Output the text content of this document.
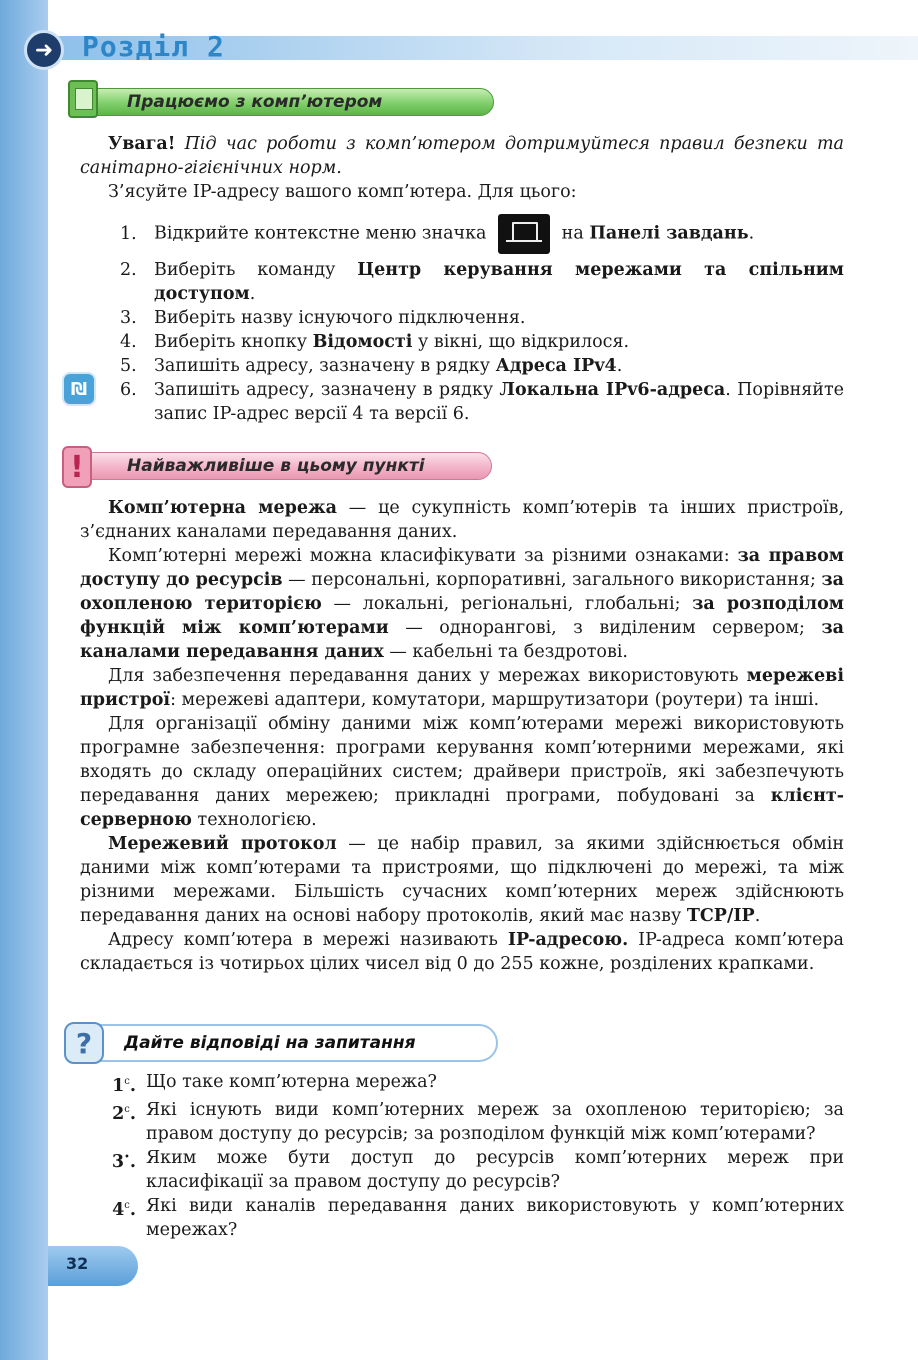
➜	Розділ 2
Працюємо з комп’ютером
Увага! Під час роботи з комп’ютером дотримуйтеся правил безпеки та санітарно-гігієнічних норм.
З’ясуйте IP-адресу вашого комп’ютера. Для цього:
1. Відкрийте контекстне меню значка	на Панелі завдань.
2. Виберіть команду Центр керування мережами та спільним доступом.
3. Виберіть назву існуючого підключення.
4. Виберіть кнопку Відомості у вікні, що відкрилося.
5. Запишіть адресу, зазначену в рядку Адреса IPv4.
6. Запишіть адресу, зазначену в рядку Локальна IPv6-адреса. Порівняйте запис IP-адрес версії 4 та версії 6.
₪
Найважливіше в цьому пункті
!
Комп’ютерна мережа — це сукупність комп’ютерів та інших пристроїв, з’єднаних каналами передавання даних.
Комп’ютерні мережі можна класифікувати за різними ознаками: за правом доступу до ресурсів — персональні, корпоративні, загального використання; за охопленою територією — локальні, регіональні, глобальні; за розподілом функцій між комп’ютерами — однорангові, з виділеним сервером; за каналами передавання даних — кабельні та бездротові.
Для забезпечення передавання даних у мережах використовують мережеві пристрої: мережеві адаптери, комутатори, маршрутизатори (роутери) та інші.
Для організації обміну даними між комп’ютерами мережі використовують програмне забезпечення: програми керування комп’ютерними мережами, які входять до складу операційних систем; драйвери пристроїв, які забезпечують передавання даних мережею; прикладні програми, побудовані за клієнт-серверною технологією.
Мережевий протокол — це набір правил, за якими здійснюється обмін даними між комп’ютерами та пристроями, що підключені до мережі, та між різними мережами. Більшість сучасних комп’ютерних мереж здійснюють передавання даних на основі набору протоколів, який має назву TCP/IP.
Адресу комп’ютера в мережі називають IP-адресою. IP-адреса комп’ютера складається із чотирьох цілих чисел від 0 до 255 кожне, розділених крапками.
Дайте відповіді на запитання
?
$1^с$. Що таке комп’ютерна мережа?
$2^с$. Які існують види комп’ютерних мереж за охопленою територією; за правом доступу до ресурсів; за розподілом функцій між комп’ютерами?
3•. Яким може бути доступ до ресурсів комп’ютерних мереж при класифікації за правом доступу до ресурсів?
$4^с$. Які види каналів передавання даних використовують у комп’ютерних мережах?
32
